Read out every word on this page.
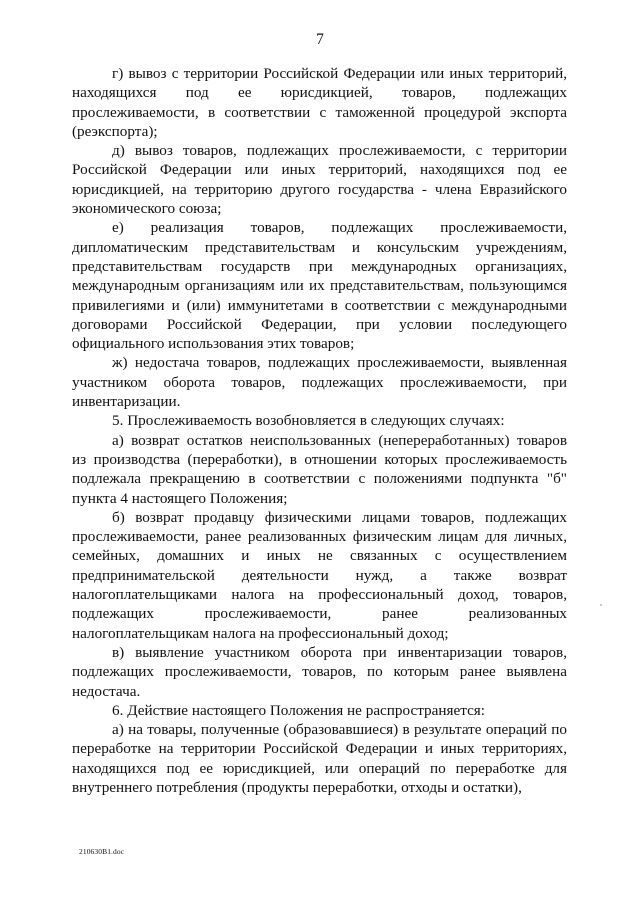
7

г) вывоз с территории Российской Федерации или иных территорий, находящихся под ее юрисдикцией, товаров, подлежащих прослеживаемости, в соответствии с таможенной процедурой экспорта (реэкспорта);

д) вывоз товаров, подлежащих прослеживаемости, с территории Российской Федерации или иных территорий, находящихся под ее юрисдикцией, на территорию другого государства - члена Евразийского экономического союза;

е) реализация товаров, подлежащих прослеживаемости, дипломатическим представительствам и консульским учреждениям, представительствам государств при международных организациях, международным организациям или их представительствам, пользующимся привилегиями и (или) иммунитетами в соответствии с международными договорами Российской Федерации, при условии последующего официального использования этих товаров;

ж) недостача товаров, подлежащих прослеживаемости, выявленная участником оборота товаров, подлежащих прослеживаемости, при инвентаризации.

5. Прослеживаемость возобновляется в следующих случаях:

а) возврат остатков неиспользованных (непереработанных) товаров из производства (переработки), в отношении которых прослеживаемость подлежала прекращению в соответствии с положениями подпункта "б" пункта 4 настоящего Положения;

б) возврат продавцу физическими лицами товаров, подлежащих прослеживаемости, ранее реализованных физическим лицам для личных, семейных, домашних и иных не связанных с осуществлением предпринимательской деятельности нужд, а также возврат налогоплательщиками налога на профессиональный доход, товаров, подлежащих прослеживаемости, ранее реализованных налогоплательщикам налога на профессиональный доход;

в) выявление участником оборота при инвентаризации товаров, подлежащих прослеживаемости, товаров, по которым ранее выявлена недостача.

6. Действие настоящего Положения не распространяется:

а) на товары, полученные (образовавшиеся) в результате операций по переработке на территории Российской Федерации и иных территориях, находящихся под ее юрисдикцией, или операций по переработке для внутреннего потребления (продукты переработки, отходы и остатки),

210630B1.doc
